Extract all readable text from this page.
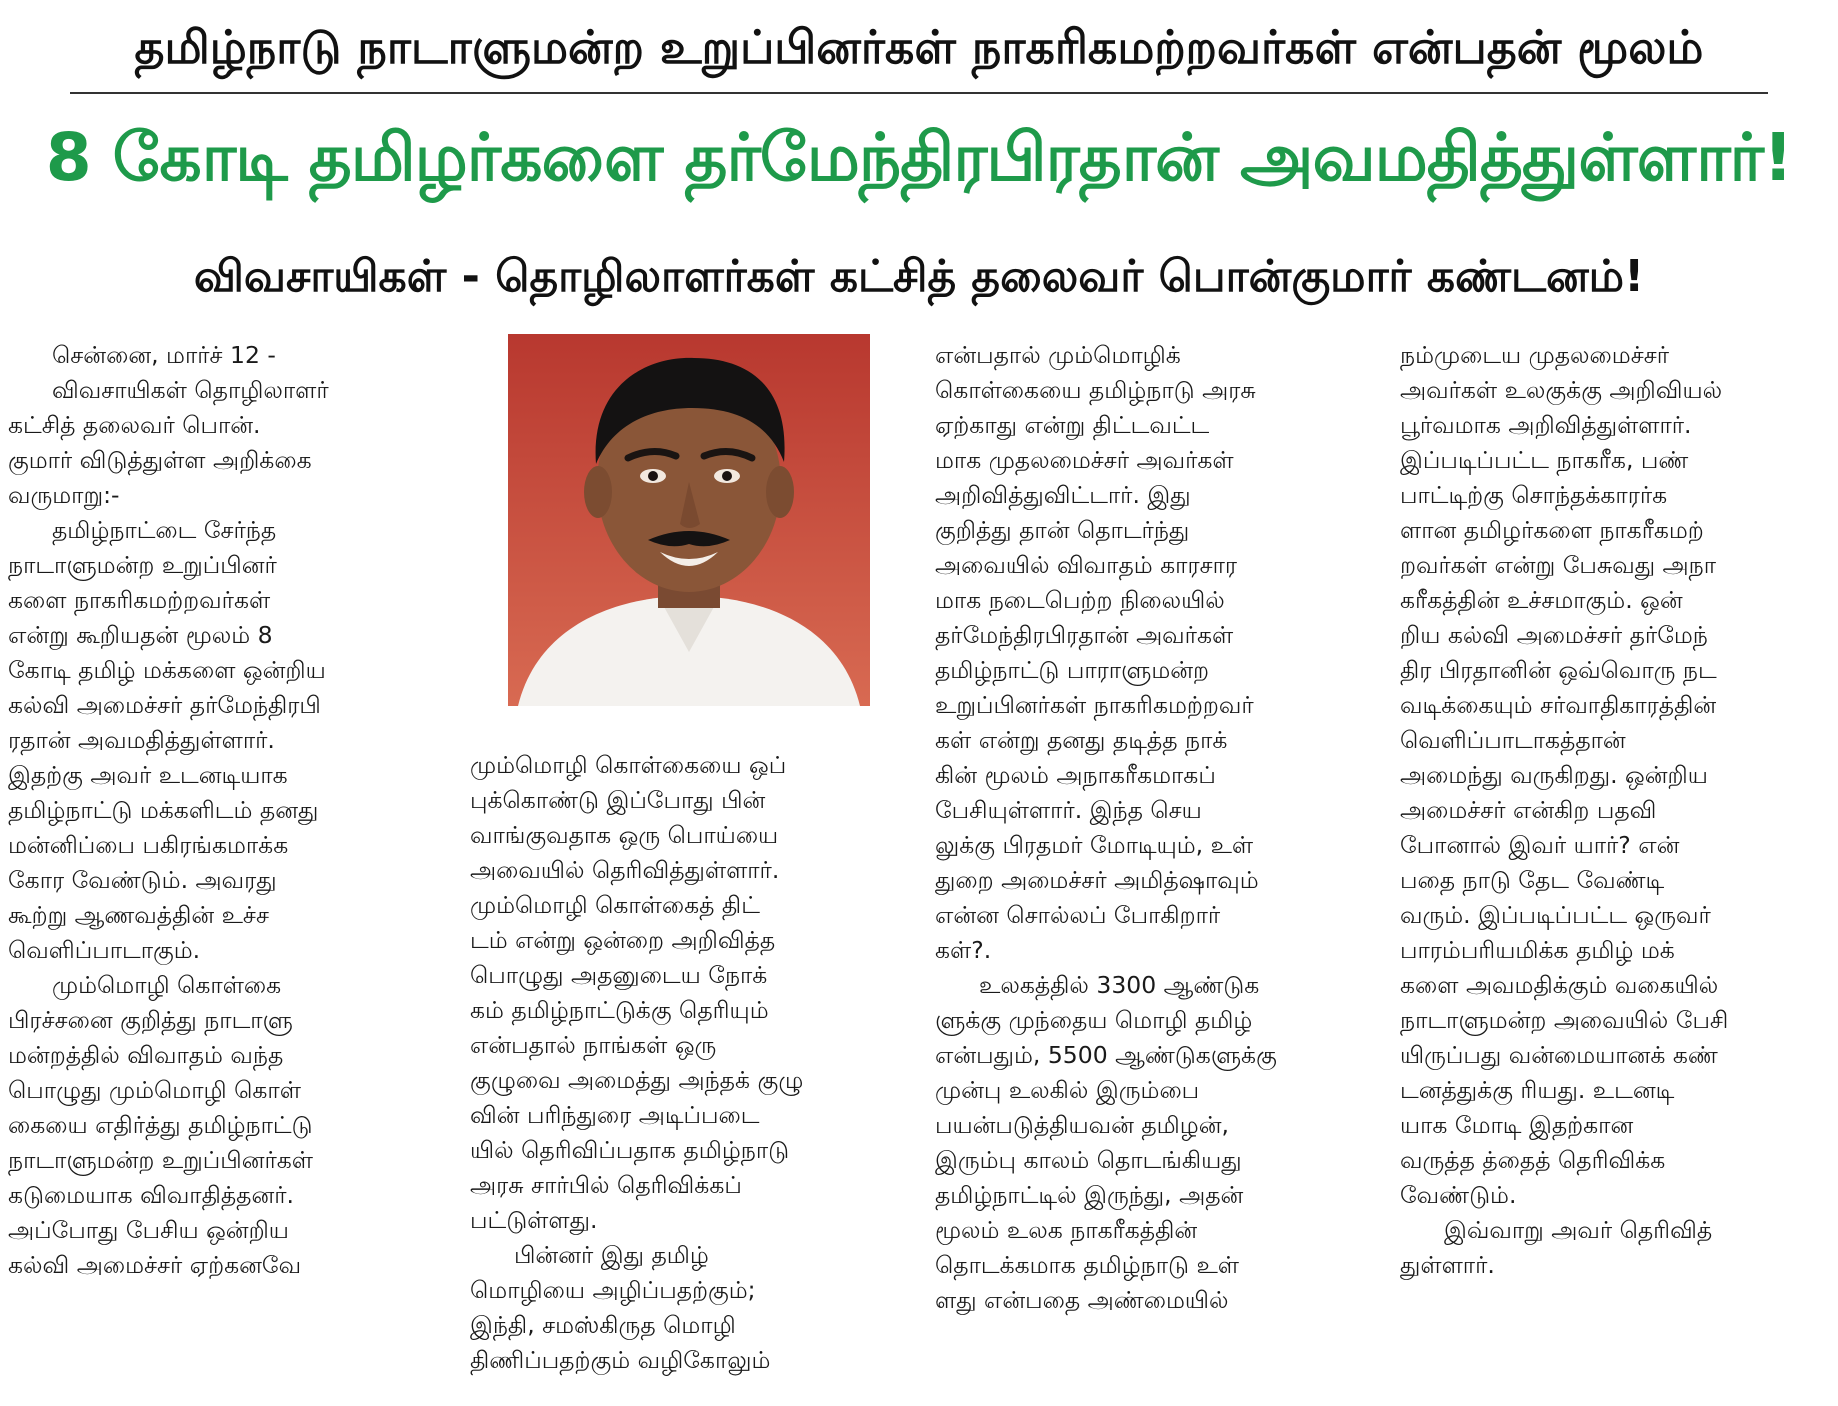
தமிழ்நாடு நாடாளுமன்ற உறுப்பினர்கள் நாகரிகமற்றவர்கள் என்பதன் மூலம்
8 கோடி தமிழர்களை தர்மேந்திரபிரதான் அவமதித்துள்ளார்!
விவசாயிகள் - தொழிலாளர்கள் கட்சித் தலைவர் பொன்குமார் கண்டனம்!
சென்னை, மார்ச் 12 -
விவசாயிகள் தொழிலாளர்
கட்சித் தலைவர் பொன்.
குமார் விடுத்துள்ள அறிக்கை
வருமாறு:-
தமிழ்நாட்டை சேர்ந்த
நாடாளுமன்ற உறுப்பினர்
களை நாகரிகமற்றவர்கள்
என்று கூறியதன் மூலம் 8
கோடி தமிழ் மக்களை ஒன்றிய
கல்வி அமைச்சர் தர்மேந்திரபி
ரதான் அவமதித்துள்ளார்.
இதற்கு அவர் உடனடியாக
தமிழ்நாட்டு மக்களிடம் தனது
மன்னிப்பை பகிரங்கமாக்க
கோர வேண்டும். அவரது
கூற்று ஆணவத்தின் உச்ச
வெளிப்பாடாகும்.
மும்மொழி கொள்கை
பிரச்சனை குறித்து நாடாளு
மன்றத்தில் விவாதம் வந்த
பொழுது மும்மொழி கொள்
கையை எதிர்த்து தமிழ்நாட்டு
நாடாளுமன்ற உறுப்பினர்கள்
கடுமையாக விவாதித்தனர்.
அப்போது பேசிய ஒன்றிய
கல்வி அமைச்சர் ஏற்கனவே
மும்மொழி கொள்கையை ஒப்
புக்கொண்டு இப்போது பின்
வாங்குவதாக ஒரு பொய்யை
அவையில் தெரிவித்துள்ளார்.
மும்மொழி கொள்கைத் திட்
டம் என்று ஒன்றை அறிவித்த
பொழுது அதனுடைய நோக்
கம் தமிழ்நாட்டுக்கு தெரியும்
என்பதால் நாங்கள் ஒரு
குழுவை அமைத்து அந்தக் குழு
வின் பரிந்துரை அடிப்படை
யில் தெரிவிப்பதாக தமிழ்நாடு
அரசு சார்பில் தெரிவிக்கப்
பட்டுள்ளது.
பின்னர் இது தமிழ்
மொழியை அழிப்பதற்கும்;
இந்தி, சமஸ்கிருத மொழி
திணிப்பதற்கும் வழிகோலும்
என்பதால் மும்மொழிக்
கொள்கையை தமிழ்நாடு அரசு
ஏற்காது என்று திட்டவட்ட
மாக முதலமைச்சர் அவர்கள்
அறிவித்துவிட்டார். இது
குறித்து தான் தொடர்ந்து
அவையில் விவாதம் காரசார
மாக நடைபெற்ற நிலையில்
தர்மேந்திரபிரதான் அவர்கள்
தமிழ்நாட்டு பாராளுமன்ற
உறுப்பினர்கள் நாகரிகமற்றவர்
கள் என்று தனது தடித்த நாக்
கின் மூலம் அநாகரீகமாகப்
பேசியுள்ளார். இந்த செய
லுக்கு பிரதமர் மோடியும், உள்
துறை அமைச்சர் அமித்ஷாவும்
என்ன சொல்லப் போகிறார்
கள்?.
உலகத்தில் 3300 ஆண்டுக
ளுக்கு முந்தைய மொழி தமிழ்
என்பதும், 5500 ஆண்டுகளுக்கு
முன்பு உலகில் இரும்பை
பயன்படுத்தியவன் தமிழன்,
இரும்பு காலம் தொடங்கியது
தமிழ்நாட்டில் இருந்து, அதன்
மூலம் உலக நாகரீகத்தின்
தொடக்கமாக தமிழ்நாடு உள்
ளது என்பதை அண்மையில்
நம்முடைய முதலமைச்சர்
அவர்கள் உலகுக்கு அறிவியல்
பூர்வமாக அறிவித்துள்ளார்.
இப்படிப்பட்ட நாகரீக, பண்
பாட்டிற்கு சொந்தக்காரர்க
ளான தமிழர்களை நாகரீகமற்
றவர்கள் என்று பேசுவது அநா
கரீகத்தின் உச்சமாகும். ஒன்
றிய கல்வி அமைச்சர் தர்மேந்
திர பிரதானின் ஒவ்வொரு நட
வடிக்கையும் சர்வாதிகாரத்தின்
வெளிப்பாடாகத்தான்
அமைந்து வருகிறது. ஒன்றிய
அமைச்சர் என்கிற பதவி
போனால் இவர் யார்? என்
பதை நாடு தேட வேண்டி
வரும். இப்படிப்பட்ட ஒருவர்
பாரம்பரியமிக்க தமிழ் மக்
களை அவமதிக்கும் வகையில்
நாடாளுமன்ற அவையில் பேசி
யிருப்பது வன்மையானக் கண்
டனத்துக்கு ரியது. உடனடி
யாக மோடி இதற்கான
வருத்த த்தைத் தெரிவிக்க
வேண்டும்.
இவ்வாறு அவர் தெரிவித்
துள்ளார்.
